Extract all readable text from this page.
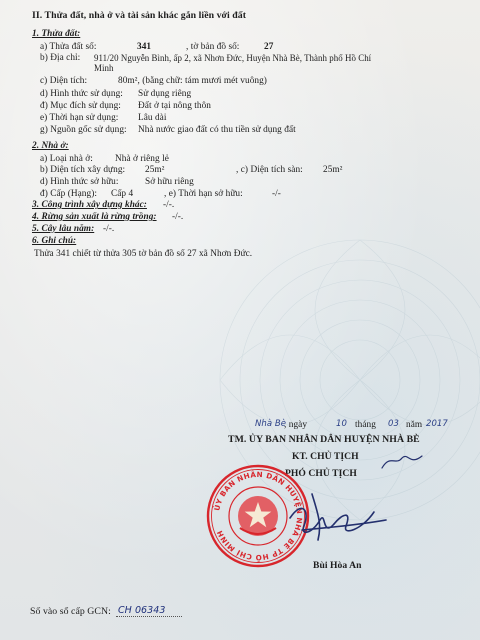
II. Thửa đất, nhà ở và tài sản khác gắn liền với đất
1. Thửa đất:
a) Thửa đất số:	341	, tờ bản đồ số:	27
b) Địa chỉ: 911/20 Nguyễn Bình, ấp 2, xã Nhơn Đức, Huyện Nhà Bè, Thành phố Hồ Chí
Minh
c) Diện tích:	80m², (bằng chữ: tám mươi mét vuông)
d) Hình thức sử dụng: Sử dụng riêng
đ) Mục đích sử dụng: Đất ở tại nông thôn
e) Thời hạn sử dụng: Lâu dài
g) Nguồn gốc sử dụng: Nhà nước giao đất có thu tiền sử dụng đất
2. Nhà ở:
a) Loại nhà ở: Nhà ở riêng lẻ
b) Diện tích xây dựng: 25m²	, c) Diện tích sàn: 25m²
d) Hình thức sở hữu:	Sở hữu riêng
đ) Cấp (Hạng): Cấp 4	, e) Thời hạn sở hữu:	-/-
3. Công trình xây dựng khác: -/-.
4. Rừng sản xuất là rừng trồng: -/-.
5. Cây lâu năm: -/-.
6. Ghi chú:
Thửa 341 chiết từ thửa 305 tờ bản đồ số 27 xã Nhơn Đức.
Nhà Bè
, ngày	10 tháng 03 năm 2017
TM. ỦY BAN NHÂN DÂN HUYỆN NHÀ BÈ
KT. CHỦ TỊCH
PHÓ CHỦ TỊCH
ỦY BAN NHÂN DÂN HUYỆN NHÀ BÈ TP HỒ CHÍ MINH
Bùi Hòa An
Số vào sổ cấp GCN: CH 06343
